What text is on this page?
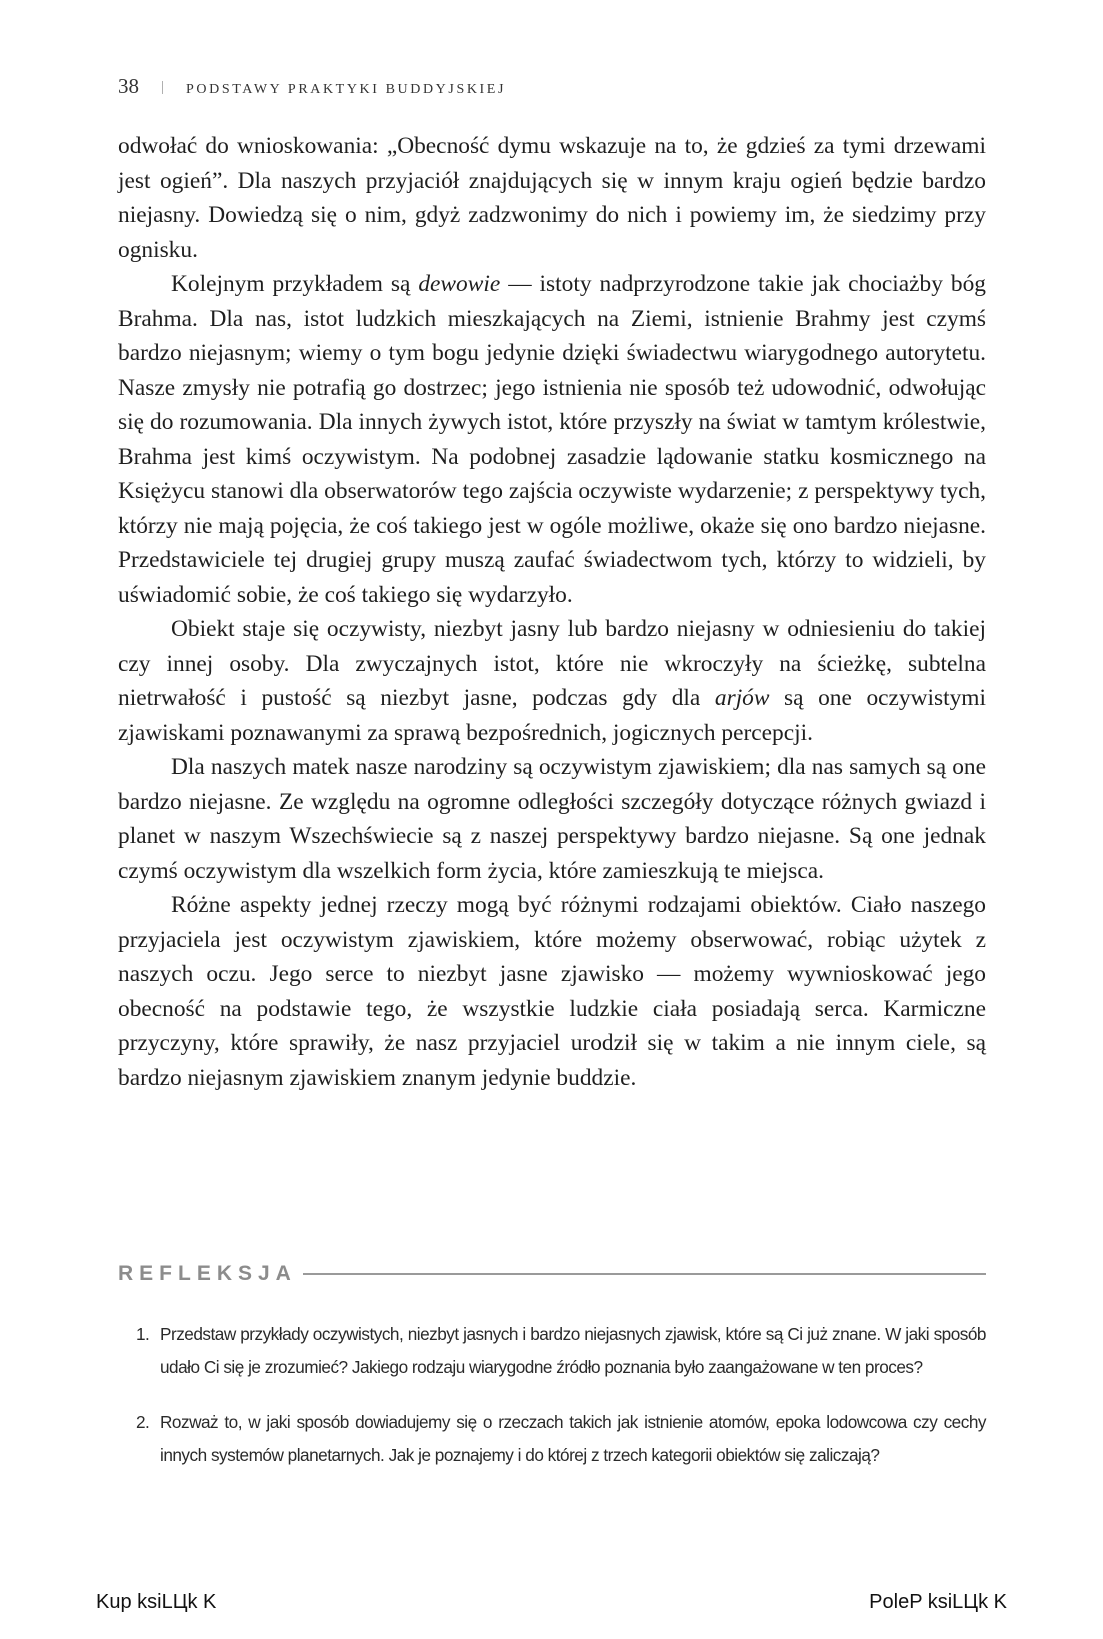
38 | PODSTAWY PRAKTYKI BUDDYJSKIEJ

odwołać do wnioskowania: „Obecność dymu wskazuje na to, że gdzieś za tymi drzewami jest ogień”. Dla naszych przyjaciół znajdujących się w innym kraju ogień będzie bardzo niejasny. Dowiedzą się o nim, gdyż zadzwonimy do nich i powiemy im, że siedzimy przy ognisku.

Kolejnym przykładem są dewowie — istoty nadprzyrodzone takie jak chociażby bóg Brahma. Dla nas, istot ludzkich mieszkających na Ziemi, istnienie Brahmy jest czymś bardzo niejasnym; wiemy o tym bogu jedynie dzięki świadectwu wiarygodnego autorytetu. Nasze zmysły nie potrafią go dostrzec; jego istnienia nie sposób też udowodnić, odwołując się do rozumowania. Dla innych żywych istot, które przyszły na świat w tamtym królestwie, Brahma jest kimś oczywistym. Na podobnej zasadzie lądowanie statku kosmicznego na Księżycu stanowi dla obserwatorów tego zajścia oczywiste wydarzenie; z perspektywy tych, którzy nie mają pojęcia, że coś takiego jest w ogóle możliwe, okaże się ono bardzo niejasne. Przedstawiciele tej drugiej grupy muszą zaufać świadectwom tych, którzy to widzieli, by uświadomić sobie, że coś takiego się wydarzyło.

Obiekt staje się oczywisty, niezbyt jasny lub bardzo niejasny w odniesieniu do takiej czy innej osoby. Dla zwyczajnych istot, które nie wkroczyły na ścieżkę, subtelna nietrwałość i pustość są niezbyt jasne, podczas gdy dla arjów są one oczywistymi zjawiskami poznawanymi za sprawą bezpośrednich, jogicznych percepcji.

Dla naszych matek nasze narodziny są oczywistym zjawiskiem; dla nas samych są one bardzo niejasne. Ze względu na ogromne odległości szczegóły dotyczące różnych gwiazd i planet w naszym Wszechświecie są z naszej perspektywy bardzo niejasne. Są one jednak czymś oczywistym dla wszelkich form życia, które zamieszkują te miejsca.

Różne aspekty jednej rzeczy mogą być różnymi rodzajami obiektów. Ciało naszego przyjaciela jest oczywistym zjawiskiem, które możemy obserwować, robiąc użytek z naszych oczu. Jego serce to niezbyt jasne zjawisko — możemy wywnioskować jego obecność na podstawie tego, że wszystkie ludzkie ciała posiadają serca. Karmiczne przyczyny, które sprawiły, że nasz przyjaciel urodził się w takim a nie innym ciele, są bardzo niejasnym zjawiskiem znanym jedynie buddzie.

REFLEKSJA
1. Przedstaw przykłady oczywistych, niezbyt jasnych i bardzo niejasnych zjawisk, które są Ci już znane. W jaki sposób udało Ci się je zrozumieć? Jakiego rodzaju wiarygodne źródło poznania było zaangażowane w ten proces?
2. Rozważ to, w jaki sposób dowiadujemy się o rzeczach takich jak istnienie atomów, epoka lodowcowa czy cechy innych systemów planetarnych. Jak je poznajemy i do której z trzech kategorii obiektów się zaliczają?
Kup ksiLЦk K	PoleP ksiLЦk K
